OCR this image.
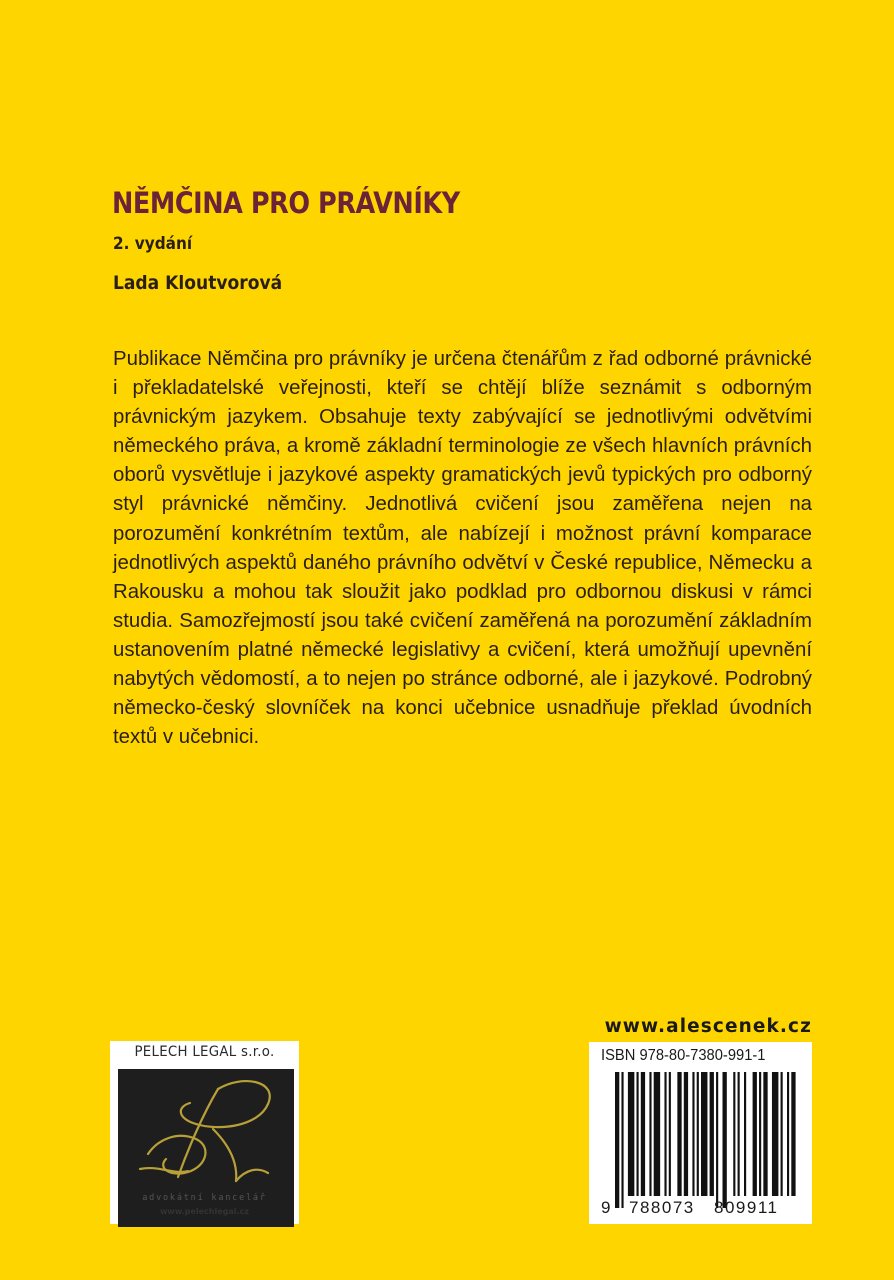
NĚMČINA PRO PRÁVNÍKY
2. vydání
Lada Kloutvorová

Publikace Němčina pro právníky je určena čtenářům z řad odborné právnické i překladatelské veřejnosti, kteří se chtějí blíže seznámit s odborným právnickým jazykem. Obsahuje texty zabývající se jednotlivými odvětvími německého práva, a kromě základní terminologie ze všech hlavních právních oborů vysvětluje i jazykové aspekty gramatických jevů typických pro odborný styl právnické němčiny. Jednotlivá cvičení jsou zaměřena nejen na porozumění konkrétním textům, ale nabízejí i možnost právní komparace jednotlivých aspektů daného právního odvětví v České republice, Německu a Rakousku a mohou tak sloužit jako podklad pro odbornou diskusi v rámci studia. Samozřejmostí jsou také cvičení zaměřená na porozumění základním ustanovením platné německé legislativy a cvičení, která umožňují upevnění nabytých vědomostí, a to nejen po stránce odborné, ale i jazykové. Podrobný německo-český slovníček na konci učebnice usnadňuje překlad úvodních textů v učebnici.

PELECH LEGAL s.r.o.
advokátní kancelář
www.pelechlegal.cz
www.alescenek.cz
ISBN 978-80-7380-991-1
9 788073 809911
